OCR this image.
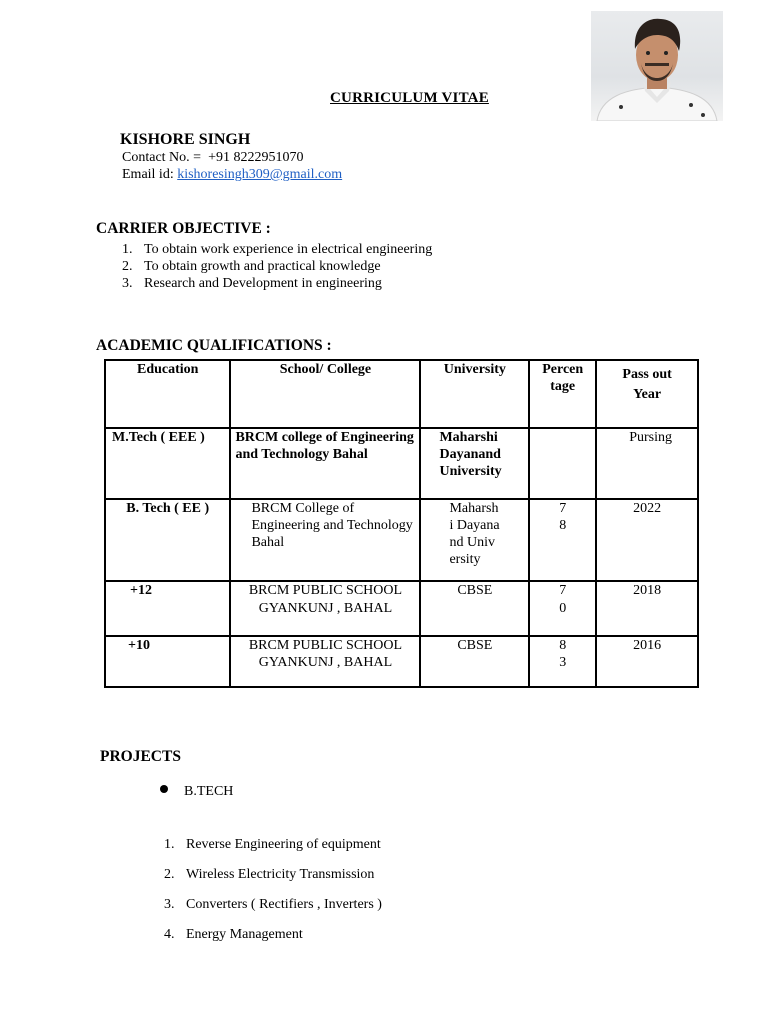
CURRICULUM VITAE
KISHORE SINGH
Contact No. = +91 8222951070
Email id: kishoresingh309@gmail.com
CARRIER OBJECTIVE :
1. To obtain work experience in electrical engineering
2. To obtain growth and practical knowledge
3. Research and Development in engineering
ACADEMIC QUALIFICATIONS :
Education	School/ College	University	Percentage	Pass out Year
M.Tech ( EEE )	BRCM college of Engineering and Technology Bahal	Maharshi Dayanand University		Pursing
B. Tech ( EE )	BRCM College of Engineering and Technology Bahal	Maharshi Dayanand University	78	2022
+12	BRCM PUBLIC SCHOOL GYANKUNJ , BAHAL	CBSE	70	2018
+10	BRCM PUBLIC SCHOOL GYANKUNJ , BAHAL	CBSE	83	2016
PROJECTS
B.TECH
1. Reverse Engineering of equipment
2. Wireless Electricity Transmission
3. Converters ( Rectifiers , Inverters )
4. Energy Management
